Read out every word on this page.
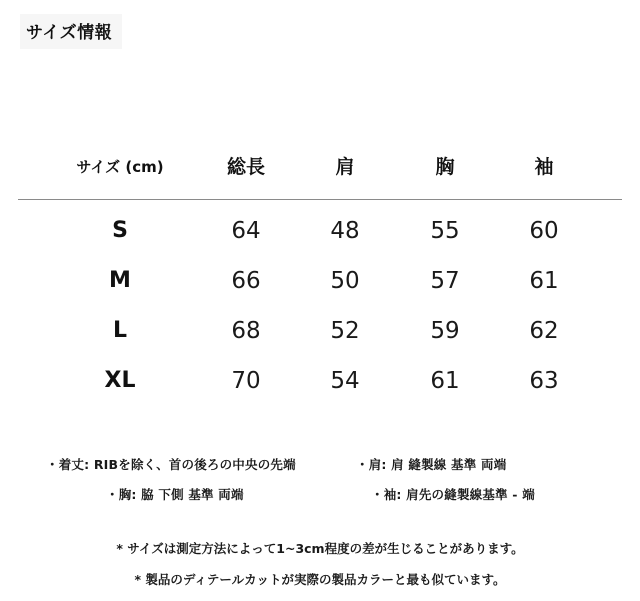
サイズ情報
サイズ (cm)	総長	肩	胸	袖
S	64	48	55	60
M	66	50	57	61
L	68	52	59	62
XL	70	54	61	63
・着丈: RIBを除く、首の後ろの中央の先端	・肩: 肩 縫製線 基準 両端
・胸: 脇 下側 基準 両端	・袖: 肩先の縫製線基準 - 端
* サイズは測定方法によって1~3cm程度の差が生じることがあります。
* 製品のディテールカットが実際の製品カラーと最も似ています。
